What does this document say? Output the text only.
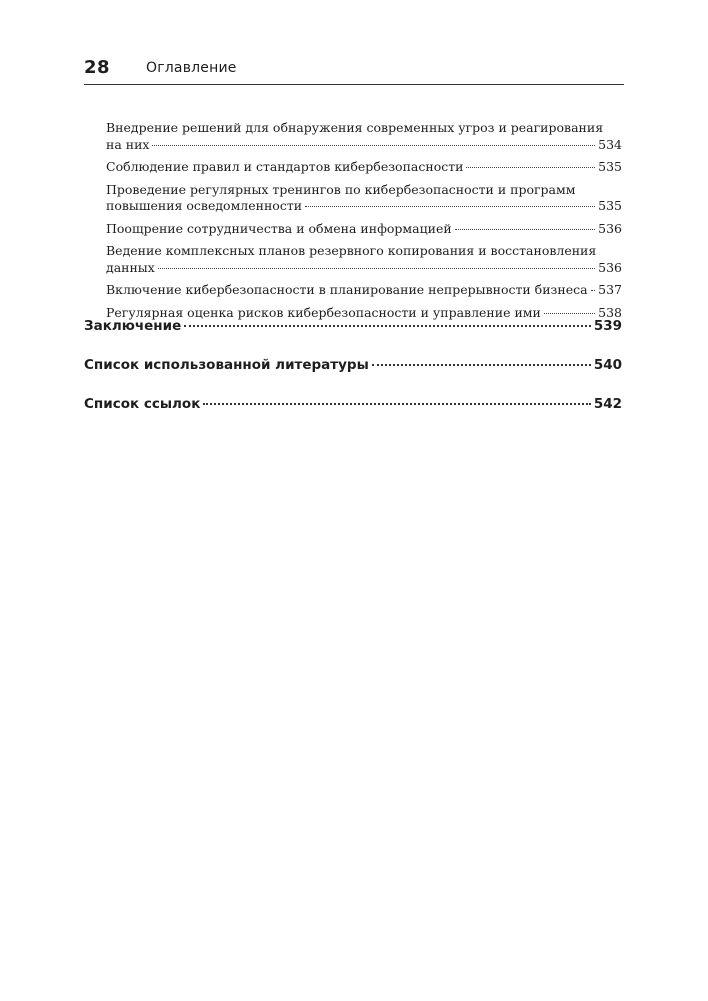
28	Оглавление
Внедрение решений для обнаружения современных угроз и реагирования
на них	534
Соблюдение правил и стандартов кибербезопасности	535
Проведение регулярных тренингов по кибербезопасности и программ
повышения осведомленности	535
Поощрение сотрудничества и обмена информацией	536
Ведение комплексных планов резервного копирования и восстановления
данных	536
Включение кибербезопасности в планирование непрерывности бизнеса 537
Регулярная оценка рисков кибербезопасности и управление ими	538
Заключение	539
Список использованной литературы	540
Список ссылок	542
